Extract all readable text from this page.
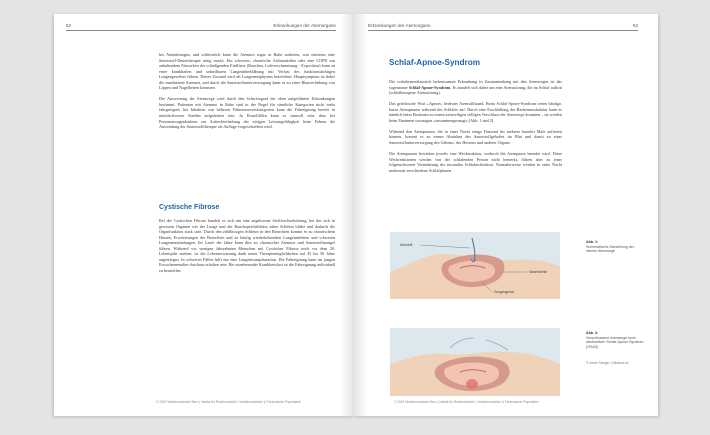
52	Erkrankungen der Atemorgane

bei Atemübungen, und schliesslich kann die Atemnot sogar in Ruhe auftreten, was meistens eine Sauerstoff-Dauertherapie nötig macht. Ein schweres, chronische Asthmaleiden oder eine COPD mit anhaltendem Einwirken der schädigenden Einflüsse (Rauchen, Luftverschmutzung - Exposition) kann zu einer krankhaften und unheilbaren Lungenüberblähung mit Verlust des funktionstüchtigen Lungengewebes führen. Dieser Zustand wird als Lungenemphysem bezeichnet. Hauptsymptom ist dabei die zunehmend Atemnot, und durch die Sauerstoffunterversorgung kann es zu einer Blauverfärbung von Lippen und Nagelbetten kommen.

Die Auswertung der Atemwege wird durch den Schweregrad der oben aufgeführten Erkrankungen bestimmt. Patienten mit Atemnot in Ruhe sind in der Regel für sämtliche Kategorien nicht mehr fahrgeeignet, bei Inhabern von höheren Führerausweiskategorien kann die Fahreignung bereits in mittelschweren Stadien aufgehoben sein. In Einzelfällen kann es sinnvoll sein, dass bei Personenwagenlenkern zur Aufrechterhaltung der nötigen Leistungsfähigkeit beim Fahren die Anwendung der Sauerstofftherapie als Auflage vorgeschrieben wird.

Cystische Fibrose

Bei der Cystischen Fibrose handelt es sich um eine angeborene Stoffwechselstörung, bei der sich in gewissen Organen wie der Lunge und der Bauchspeicheldrüse zäher Schleim bildet und dadurch die Organfunktion stark stört. Durch den zähflüssigen Schleim in den Bronchien kommt es zu chronischem Husten, Erweiterungen der Bronchien und zu häufig wiederkehrenden Lungeninfekten und schweren Lungenentzündungen. Im Laufe der Jahre kann dies zu chronischer Atemnot und Sauerstoffmangel führen. Während vor wenigen Jahrzehnten Menschen mit Cystischer Fibrose noch vor dem 20. Lebensjahr starben, ist die Lebenserwartung dank neuer Therapiemöglichkeiten auf 45 bis 50 Jahre angestiegen. In schweren Fällen hilft nur eine Lungentransplantation. Die Fahreignung kann im jungen Erwachsenenalter durchaus erhalten sein. Bei zunehmender Krankheitslast ist die Fahreignung individuell zu beurteilen.

© 2019 Verkehrsmedizin Bern | Institut für Rechtsmedizin | Verkehrsmedizin & Forensische Psychiatrie
Erkrankungen der Atemorgane	53
Schlaf-Apnoe-Syndrom

Die verkehrsmedizinisch bedeutsamste Erkrankung in Zusammenhang mit den Atemwegen ist das sogenannte Schlaf-Apnoe-Syndrom. Es handelt sich dabei um eine Atemstörung, die im Schlaf auftritt (schlafbezogene Atemstörung).

Das griechische Wort «Apnoe» bedeutet Atemstillstand. Beim Schlaf-Apnoe-Syndrom treten häufige, kurze Atempausen während des Schlafes auf. Durch eine Erschlaffung der Rachenmuskulatur kann es nämlich beim Einatmen zu einem zeitweiligen völligen Verschluss der Atemwege kommen – sie werden beim Einatmen sozusagen «zusammengesaugt» (Abb. 1 und 2).

Während den Atempausen, die in einer Nacht einige Dutzend bis mehrere hundert Male auftreten können, kommt es zu einem Absinken des Sauerstoffgehaltes im Blut und damit zu einer Sauerstoffunterversorgung des Gehirns, des Herzens und anderer Organe.

Die Atempausen bewirken jeweils eine Weckreaktion, wodurch die Atempause beendet wird. Diese Weckreaktionen werden von der schlafenden Person nicht bemerkt, führen aber zu einer folgenschweren Veränderung der normalen Schlafarchitektur. Normalerweise werden in einer Nacht mehrmals verschiedene Schlafphasen

Atemluft
Nasenhöhle
Zungengrund
Abb. 1:
Schematische Darstellung der oberen Atemwege
Abb. 2:
Verschlossene Atemwege beim obstruktiven Schlaf-Apnoe-Syndrom (OSAS)
© Anne Seeger | bildarzt.ch
© 2019 Verkehrsmedizin Bern | Institut für Rechtsmedizin | Verkehrsmedizin & Forensische Psychiatrie
